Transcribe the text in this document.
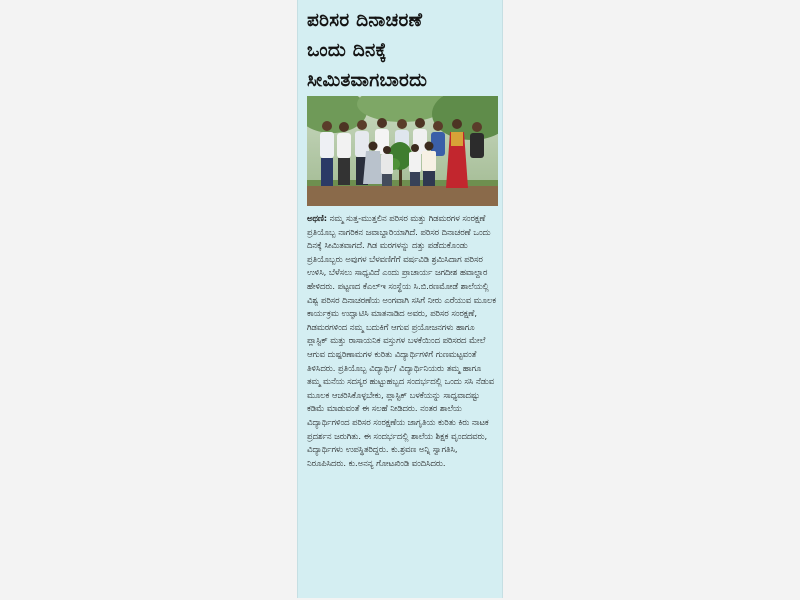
ಪರಿಸರ ದಿನಾಚರಣೆ
ಒಂದು ದಿನಕ್ಕೆ
ಸೀಮಿತವಾಗಬಾರದು

ಅಥಣಿ: ನಮ್ಮ ಸುತ್ತ-ಮುತ್ತಲಿನ ಪರಿಸರ ಮತ್ತು ಗಿಡಮರಗಳ ಸಂರಕ್ಷಣೆ ಪ್ರತಿಯೊಬ್ಬ ನಾಗರಿಕನ ಜವಾಬ್ದಾರಿಯಾಗಿದೆ. ಪರಿಸರ ದಿನಾಚರಣೆ ಒಂದು ದಿನಕ್ಕೆ ಸೀಮಿತವಾಗದೆ. ಗಿಡ ಮರಗಳನ್ನು ದತ್ತು ಪಡೆದುಕೊಂಡು ಪ್ರತಿಯೊಬ್ಬರು ಅವುಗಳ ಬೆಳವಣಿಗೆಗೆ ವರ್ಷವಿಡಿ ಶ್ರಮಿಸಿದಾಗ ಪರಿಸರ ಉಳಿಸಿ, ಬೆಳೆಸಲು ಸಾಧ್ಯವಿದೆ ಎಂದು ಪ್ರಾಚಾರ್ಯ ಜಗದೀಶ ಹವಾಲ್ದಾರ ಹೇಳಿದರು. ಪಟ್ಟಣದ ಕೆಎಲ್‌ಇ ಸಂಸ್ಥೆಯ ಸಿ.ಬಿ.ರಣಮೋಡೆ ಶಾಲೆಯಲ್ಲಿ ವಿಶ್ವ ಪರಿಸರ ದಿನಾಚರಣೆಯ ಅಂಗವಾಗಿ ಸಸಿಗೆ ನೀರು ಎರೆಯುವ ಮೂಲಕ ಕಾರ್ಯಕ್ರಮ ಉದ್ಘಾಟಿಸಿ ಮಾತನಾಡಿದ ಅವರು, ಪರಿಸರ ಸಂರಕ್ಷಣೆ, ಗಿಡಮರಗಳಿಂದ ನಮ್ಮ ಬದುಕಿಗೆ ಆಗುವ ಪ್ರಯೋಜನಗಳು ಹಾಗೂ ಪ್ಲಾಸ್ಟಿಕ್ ಮತ್ತು ರಾಸಾಯನಿಕ ವಸ್ತುಗಳ ಬಳಕೆಯಿಂದ ಪರಿಸರದ ಮೇಲೆ ಆಗುವ ದುಷ್ಪರಿಣಾಮಗಳ ಕುರಿತು ವಿದ್ಯಾರ್ಥಿಗಳಿಗೆ ಗುಣಮಟ್ಟವಂತೆ ತಿಳಿಸಿದರು. ಪ್ರತಿಯೊಬ್ಬ ವಿದ್ಯಾರ್ಥಿ/ ವಿದ್ಯಾರ್ಥಿನಿಯರು ತಮ್ಮ ಹಾಗೂ ತಮ್ಮ ಮನೆಯ ಸದಸ್ಯರ ಹುಟ್ಟುಹಬ್ಬದ ಸಂದರ್ಭದಲ್ಲಿ ಒಂದು ಸಸಿ ನೆಡುವ ಮೂಲಕ ಆಚರಿಸಿಕೊಳ್ಳಬೇಕು, ಪ್ಲಾಸ್ಟಿಕ್ ಬಳಕೆಯನ್ನು ಸಾಧ್ಯವಾದಷ್ಟು ಕಡಿಮೆ ಮಾಡುವಂತೆ ಈ ಸಲಹೆ ನೀಡಿದರು. ನಂತರ ಶಾಲೆಯ ವಿದ್ಯಾರ್ಥಿಗಳಿಂದ ಪರಿಸರ ಸಂರಕ್ಷಣೆಯ ಜಾಗೃತಿಯ ಕುರಿತು ಕಿರು ನಾಟಕ ಪ್ರದರ್ಶನ ಜರುಗಿತು. ಈ ಸಂದರ್ಭದಲ್ಲಿ ಶಾಲೆಯ ಶಿಕ್ಷಕ ವೃಂದದವರು, ವಿದ್ಯಾರ್ಥಿಗಳು ಉಪಸ್ಥಿತರಿದ್ದರು. ಕು.ಶ್ರವಣ ಅನ್ನಿ ಸ್ವಾಗತಿಸಿ, ನಿರೂಪಿಸಿದರು. ಕು.ಅನನ್ಯ ಗೋಟಖಿಂಡಿ ವಂದಿಸಿದರು.
